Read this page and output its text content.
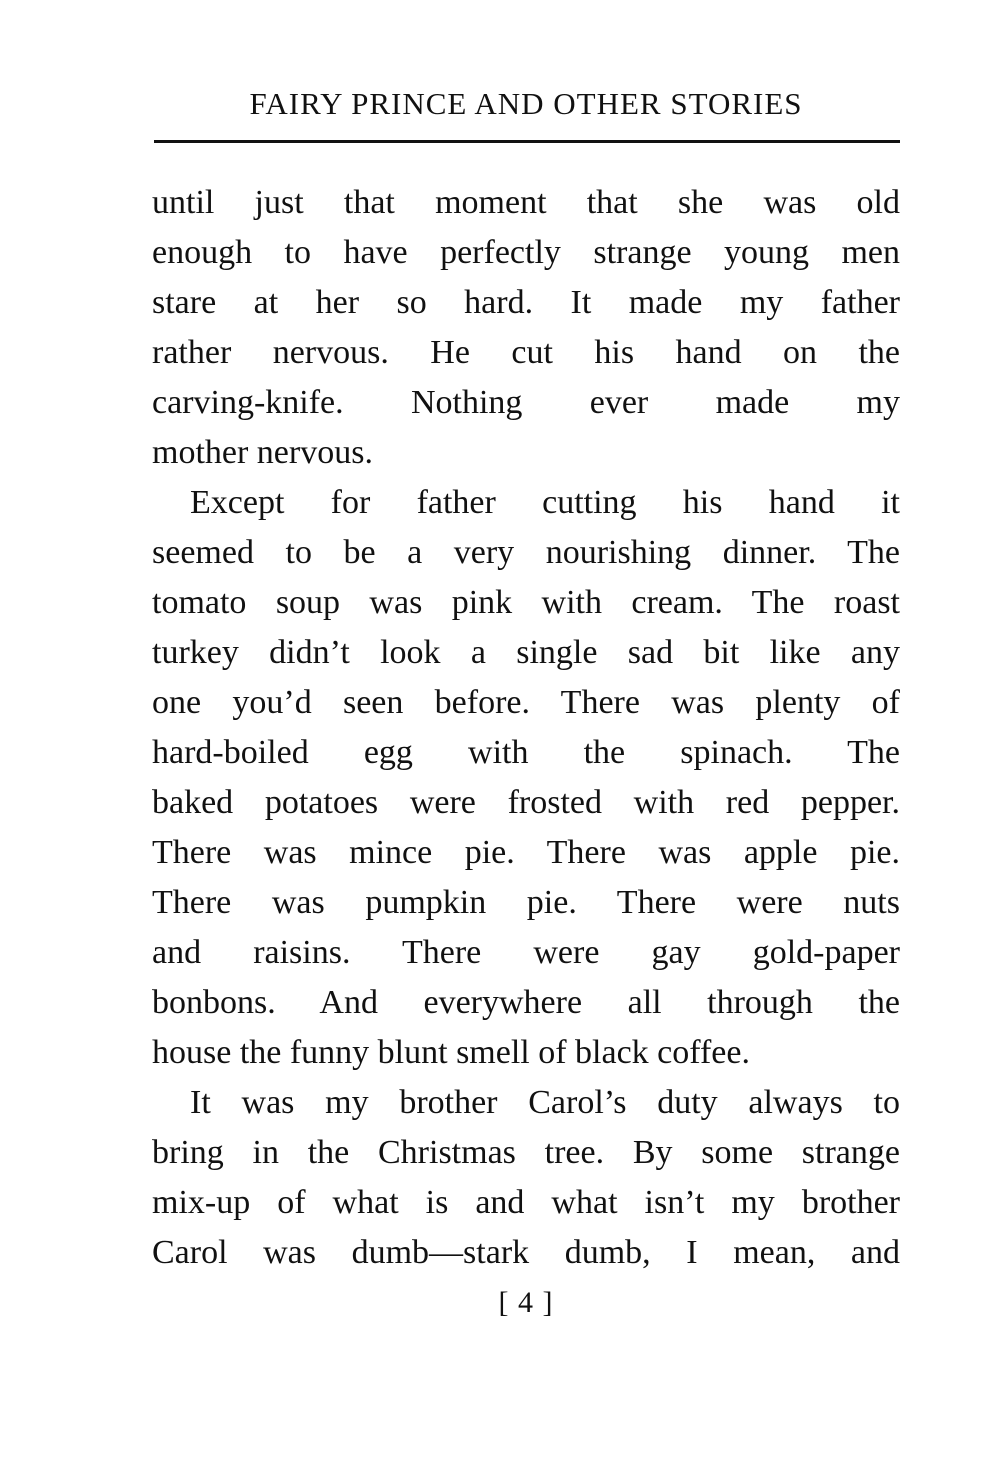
FAIRY PRINCE AND OTHER STORIES
until just that moment that she was old
enough to have perfectly strange young men
stare at her so hard. It made my father
rather nervous. He cut his hand on the
carving-knife. Nothing ever made my
mother nervous.
Except for father cutting his hand it
seemed to be a very nourishing dinner. The
tomato soup was pink with cream. The roast
turkey didn’t look a single sad bit like any
one you’d seen before. There was plenty of
hard-boiled egg with the spinach. The
baked potatoes were frosted with red pepper.
There was mince pie. There was apple pie.
There was pumpkin pie. There were nuts
and raisins. There were gay gold-paper
bonbons. And everywhere all through the
house the funny blunt smell of black coffee.
It was my brother Carol’s duty always to
bring in the Christmas tree. By some strange
mix-up of what is and what isn’t my brother
Carol was dumb—stark dumb, I mean, and
[ 4 ]
